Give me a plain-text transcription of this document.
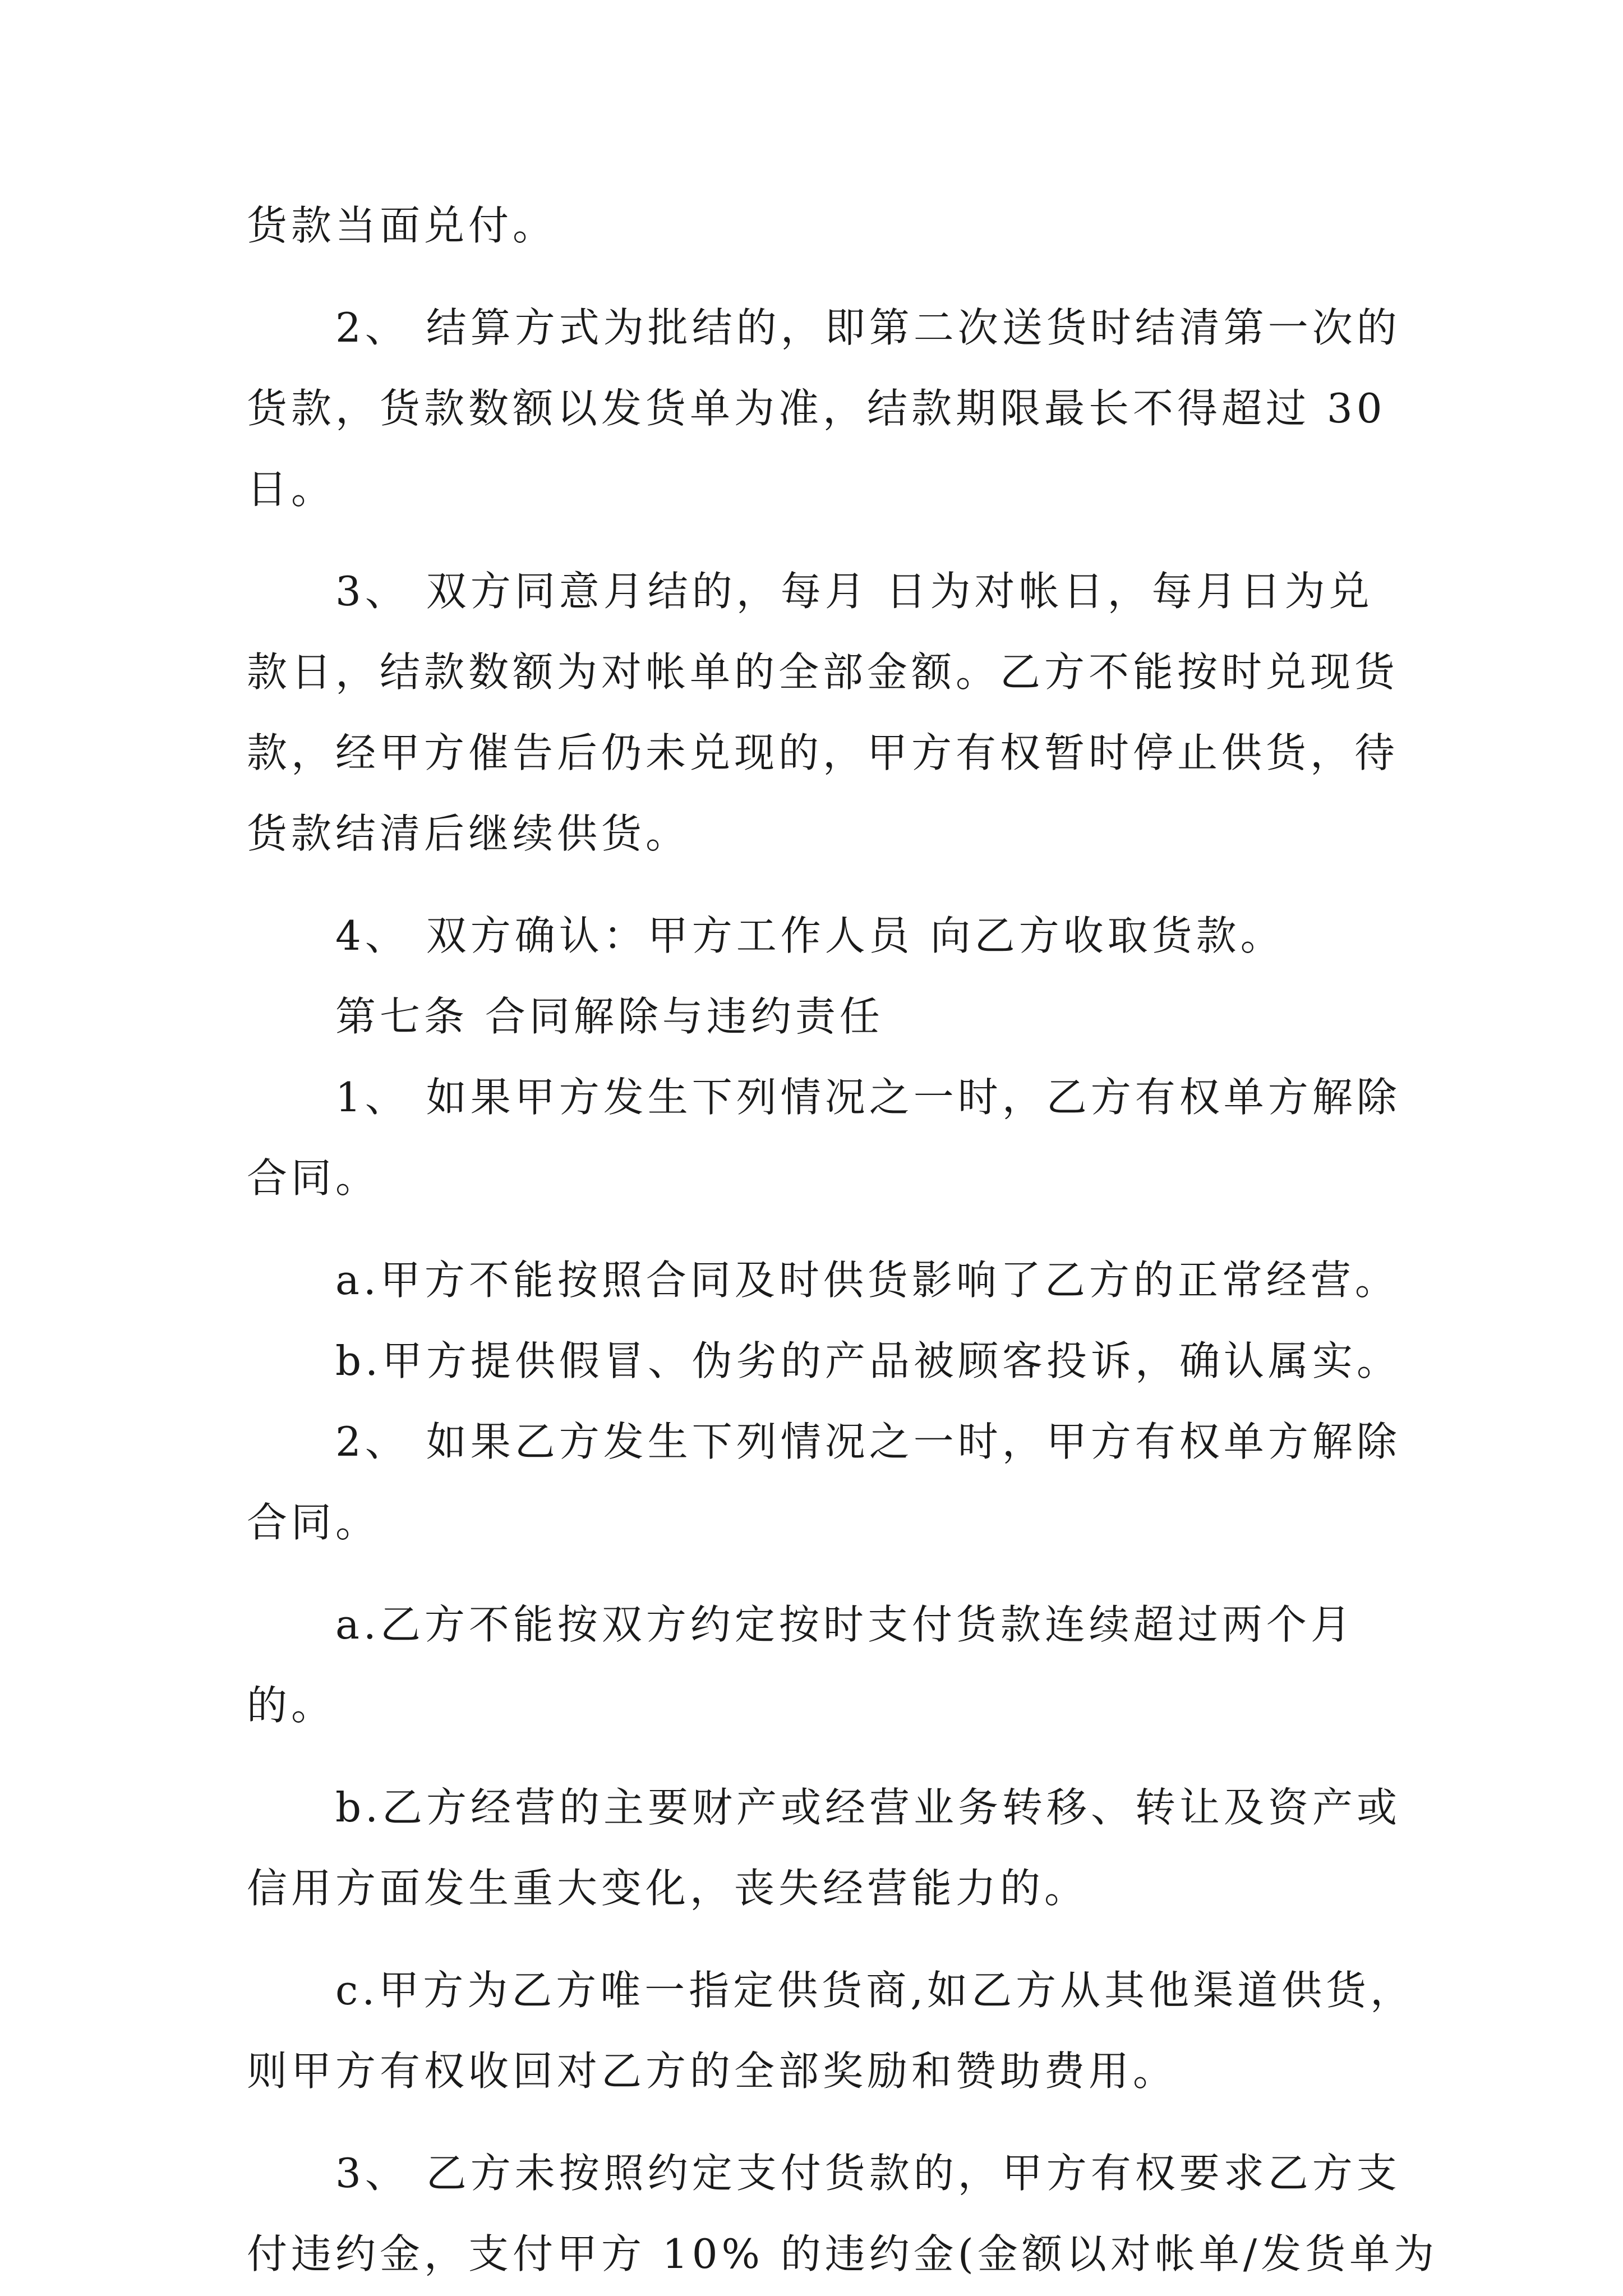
货款当面兑付。
2、 结算方式为批结的，即第二次送货时结清第一次的
货款，货款数额以发货单为准，结款期限最长不得超过 30
日。
3、 双方同意月结的，每月 日为对帐日，每月日为兑
款日，结款数额为对帐单的全部金额。乙方不能按时兑现货
款，经甲方催告后仍未兑现的，甲方有权暂时停止供货，待
货款结清后继续供货。
4、 双方确认：甲方工作人员 向乙方收取货款。
第七条 合同解除与违约责任
1、 如果甲方发生下列情况之一时，乙方有权单方解除
合同。
a.甲方不能按照合同及时供货影响了乙方的正常经营。
b.甲方提供假冒、伪劣的产品被顾客投诉，确认属实。
2、 如果乙方发生下列情况之一时，甲方有权单方解除
合同。
a.乙方不能按双方约定按时支付货款连续超过两个月
的。
b.乙方经营的主要财产或经营业务转移、转让及资产或
信用方面发生重大变化，丧失经营能力的。
c.甲方为乙方唯一指定供货商,如乙方从其他渠道供货，
则甲方有权收回对乙方的全部奖励和赞助费用。
3、 乙方未按照约定支付货款的，甲方有权要求乙方支
付违约金，支付甲方 10% 的违约金(金额以对帐单/发货单为
